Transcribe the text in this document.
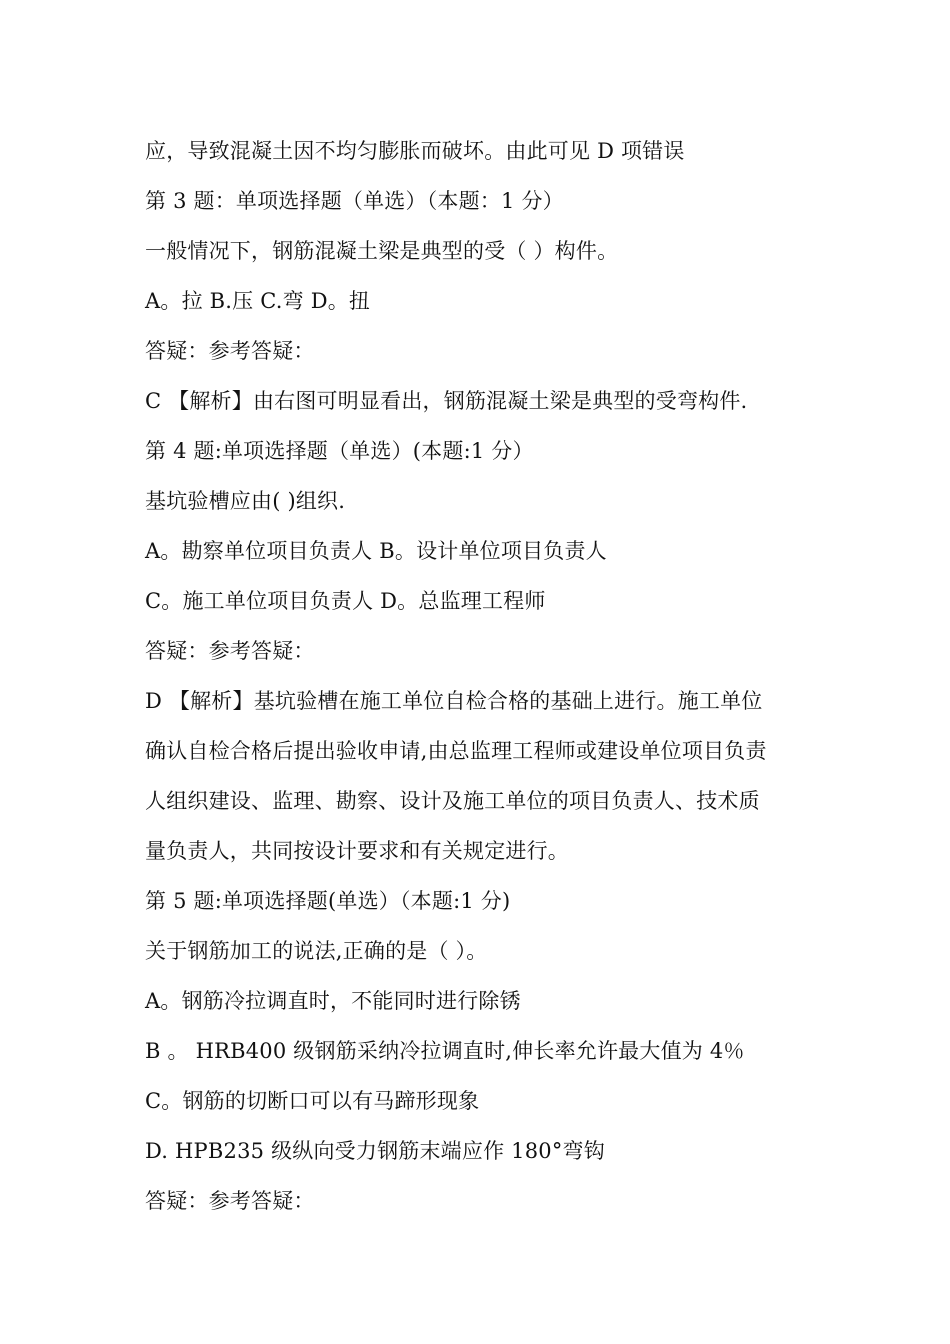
应，导致混凝土因不均匀膨胀而破坏。由此可见 D 项错误
第 3 题：单项选择题（单选）（本题：1 分）
一般情况下，钢筋混凝土梁是典型的受（ ）构件。
A。拉 B.压 C.弯 D。扭
答疑：参考答疑：
C 【解析】由右图可明显看出，钢筋混凝土梁是典型的受弯构件.
第 4 题:单项选择题（单选）(本题:1 分）
基坑验槽应由( )组织.
A。勘察单位项目负责人 B。设计单位项目负责人
C。施工单位项目负责人 D。总监理工程师
答疑：参考答疑：
D 【解析】基坑验槽在施工单位自检合格的基础上进行。施工单位
确认自检合格后提出验收申请,由总监理工程师或建设单位项目负责
人组织建设、监理、勘察、设计及施工单位的项目负责人、技术质
量负责人，共同按设计要求和有关规定进行。
第 5 题:单项选择题(单选）（本题:1 分)
关于钢筋加工的说法,正确的是（ ）。
A。钢筋冷拉调直时，不能同时进行除锈
B 。 HRB400 级钢筋采纳冷拉调直时,伸长率允许最大值为 4％
C。钢筋的切断口可以有马蹄形现象
D. HPB235 级纵向受力钢筋末端应作 180°弯钩
答疑：参考答疑：
